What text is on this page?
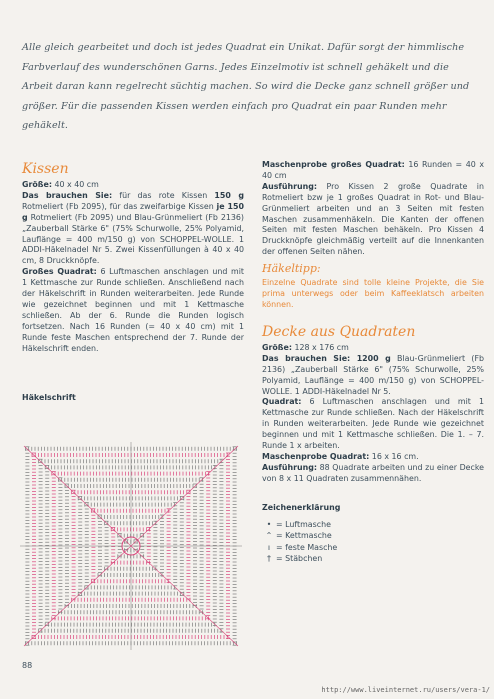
Alle gleich gearbeitet und doch ist jedes Quadrat ein Unikat. Dafür sorgt der himmlische Farbverlauf des wunderschönen Garns. Jedes Einzelmotiv ist schnell gehäkelt und die Arbeit daran kann regelrecht süchtig machen. So wird die Decke ganz schnell größer und größer. Für die passenden Kissen werden einfach pro Quadrat ein paar Runden mehr gehäkelt.
Kissen

Größe: 40 x 40 cm

Das brauchen Sie: für das rote Kissen 150 g Rotmeliert (Fb 2095), für das zweifarbige Kissen je 150 g Rotmeliert (Fb 2095) und Blau-Grünmeliert (Fb 2136) „Zauberball Stärke 6" (75% Schurwolle, 25% Polyamid, Lauflänge = 400 m/150 g) von SCHOPPEL-WOLLE. 1 ADDI-Häkelnadel Nr 5. Zwei Kissenfüllungen à 40 x 40 cm, 8 Druckknöpfe.

Großes Quadrat: 6 Luftmaschen anschlagen und mit 1 Kettmasche zur Runde schließen. Anschließend nach der Häkelschrift in Runden weiterarbeiten. Jede Runde wie gezeichnet beginnen und mit 1 Kettmasche schließen. Ab der 6. Runde die Runden logisch fortsetzen. Nach 16 Runden (= 40 x 40 cm) mit 1 Runde feste Maschen entsprechend der 7. Runde der Häkelschrift enden.

Häkelschrift

Maschenprobe großes Quadrat: 16 Runden = 40 x 40 cm

Ausführung: Pro Kissen 2 große Quadrate in Rotmeliert bzw je 1 großes Quadrat in Rot- und Blau-Grünmeliert arbeiten und an 3 Seiten mit festen Maschen zusammenhäkeln. Die Kanten der offenen Seiten mit festen Maschen behäkeln. Pro Kissen 4 Druckknöpfe gleichmäßig verteilt auf die Innenkanten der offenen Seiten nähen.

Häkeltipp:

Einzelne Quadrate sind tolle kleine Projekte, die Sie prima unterwegs oder beim Kaffeeklatsch arbeiten können.

Decke aus Quadraten

Größe: 128 x 176 cm

Das brauchen Sie: 1200 g Blau-Grünmeliert (Fb 2136) „Zauberball Stärke 6" (75% Schurwolle, 25% Polyamid, Lauflänge = 400 m/150 g) von SCHOPPEL-WOLLE. 1 ADDI-Häkelnadel Nr 5.

Quadrat: 6 Luftmaschen anschlagen und mit 1 Kettmasche zur Runde schließen. Nach der Häkelschrift in Runden weiterarbeiten. Jede Runde wie gezeichnet beginnen und mit 1 Kettmasche schließen. Die 1. – 7. Runde 1 x arbeiten.

Maschenprobe Quadrat: 16 x 16 cm.

Ausführung: 88 Quadrate arbeiten und zu einer Decke von 8 x 11 Quadraten zusammennähen.

Zeichenerklärung

• = Luftmasche
⌃ = Kettmasche
ı = feste Masche
† = Stäbchen
88
http://www.liveinternet.ru/users/vera-1/
